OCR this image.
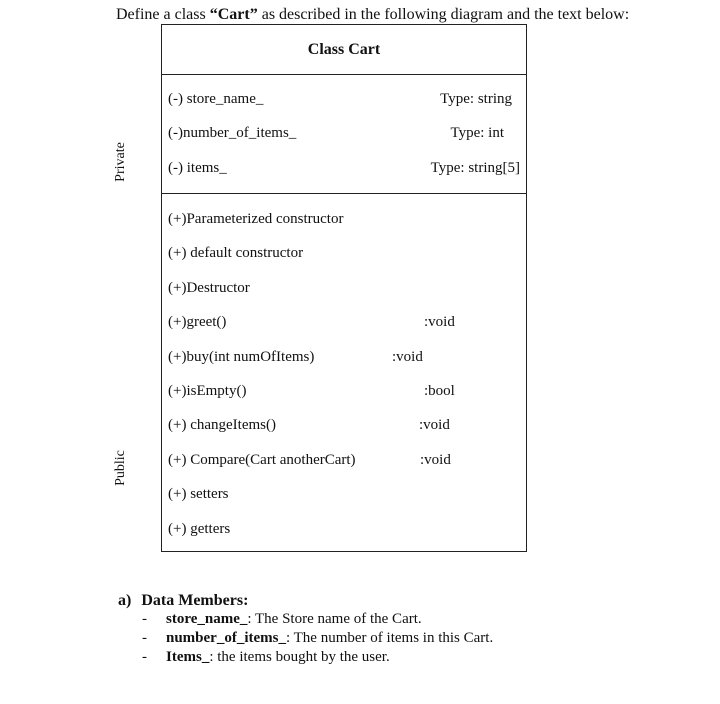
Define a class “Cart” as described in the following diagram and the text below:
Private
Public
Class Cart
(-) store_name_	Type: string
(-)number_of_items_	Type: int
(-) items_	Type: string[5]
(+)Parameterized constructor
(+) default constructor
(+)Destructor
(+)greet()	:void
(+)buy(int numOfItems)	:void
(+)isEmpty()	:bool
(+) changeItems()	:void
(+) Compare(Cart anotherCart)	:void
(+) setters
(+) getters
a) Data Members:
- store_name_: The Store name of the Cart.
- number_of_items_: The number of items in this Cart.
- Items_: the items bought by the user.
